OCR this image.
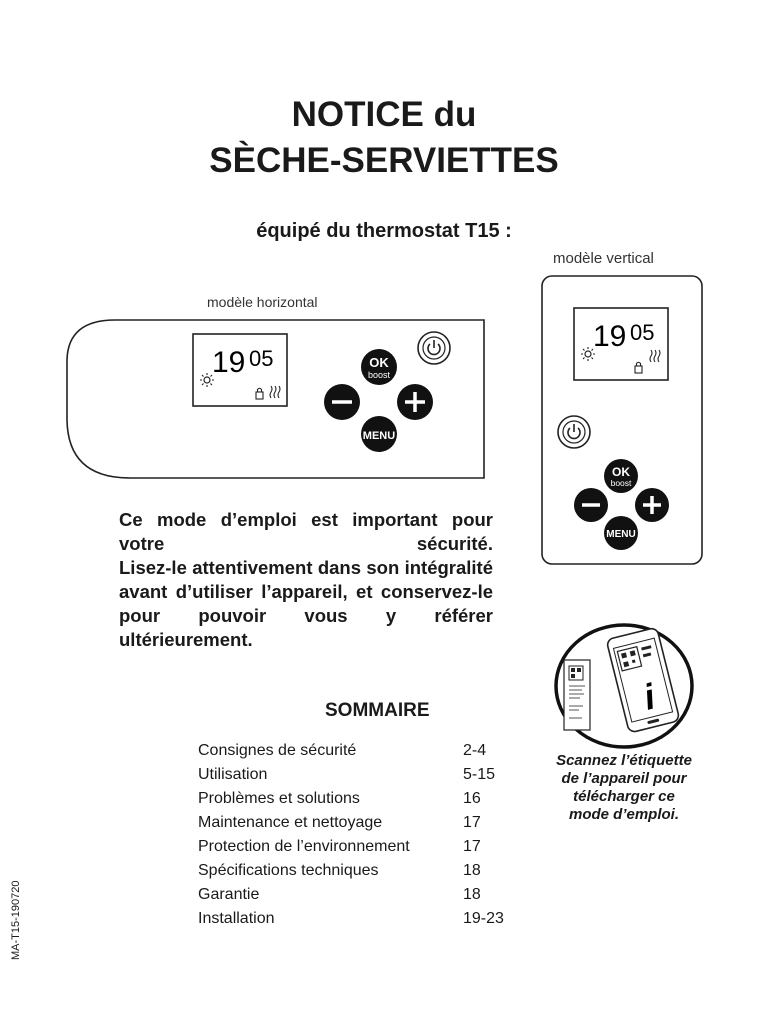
NOTICE du
SÈCHE-SERVIETTES
équipé du thermostat T15 :
modèle horizontal
modèle vertical
19 05	OK
boost
MENU
19 05
OK
boost
MENU

Ce mode d’emploi est important pour votre sécurité.

Lisez-le attentivement dans son intégralité avant d’utiliser l’appareil, et conservez-le pour pouvoir vous y référer ultérieurement.

i
Scannez l’étiquette
de l’appareil pour
télécharger ce
mode d’emploi.
SOMMAIRE
Consignes de sécurité	2-4
Utilisation	5-15
Problèmes et solutions	16
Maintenance et nettoyage	17
Protection de l’environnement	17
Spécifications techniques	18
Garantie	18
Installation	19-23
MA-T15-190720
